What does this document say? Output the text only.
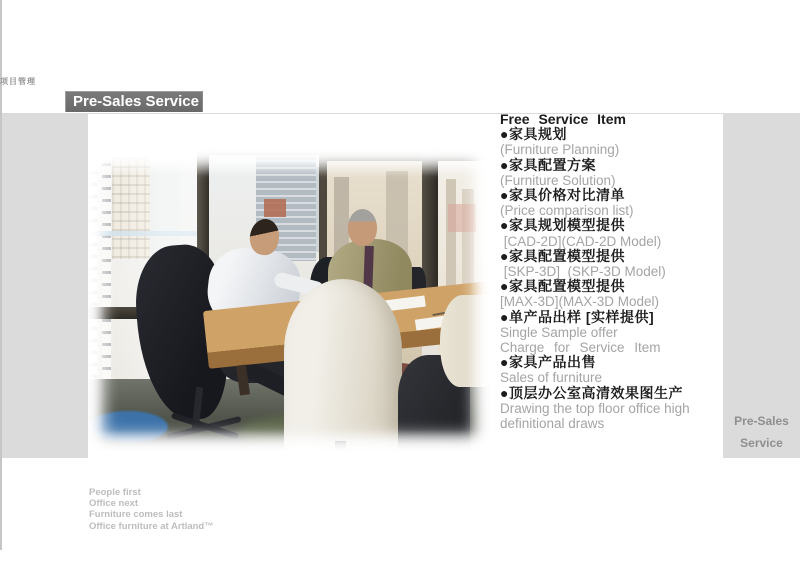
项目管理
Pre-Sales Service
Free Service Item
●家具规划
(Furniture Planning)
●家具配置方案
(Furniture Solution)
●家具价格对比清单
(Price comparison list)
●家具规划模型提供
[CAD-2D](CAD-2D Model)
●家具配置模型提供
[SKP-3D]  (SKP-3D Model)
●家具配置模型提供
[MAX-3D](MAX-3D Model)
●单产品出样 [实样提供]
Single Sample offer
Charge for Service Item
●家具产品出售
Sales of furniture
●顶层办公室高清效果图生产
Drawing the top floor office high
definitional draws	Pre-Sales
Service
People first
Office next
Furniture comes last
Office furniture at Artland™
